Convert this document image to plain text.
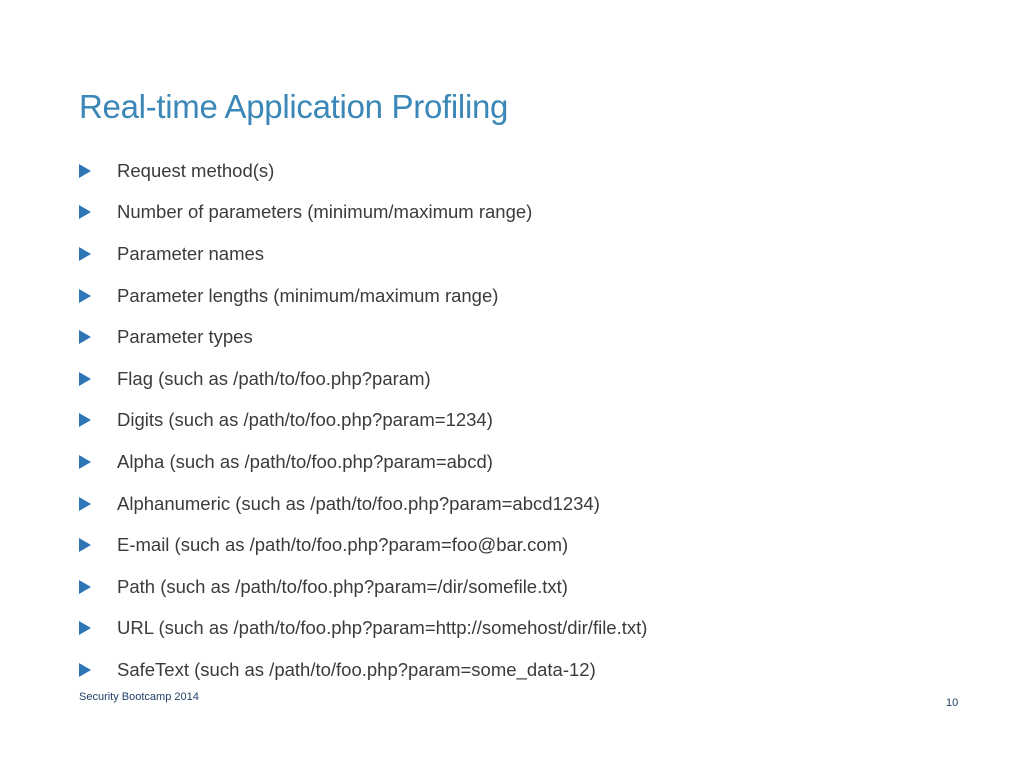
Real-time Application Profiling
Request method(s)
Number of parameters (minimum/maximum range)
Parameter names
Parameter lengths (minimum/maximum range)
Parameter types
Flag (such as /path/to/foo.php?param)
Digits (such as /path/to/foo.php?param=1234)
Alpha (such as /path/to/foo.php?param=abcd)
Alphanumeric (such as /path/to/foo.php?param=abcd1234)
E-mail (such as /path/to/foo.php?param=foo@bar.com)
Path (such as /path/to/foo.php?param=/dir/somefile.txt)
URL (such as /path/to/foo.php?param=http://somehost/dir/file.txt)
SafeText (such as /path/to/foo.php?param=some_data-12)
Security Bootcamp 2014	10
